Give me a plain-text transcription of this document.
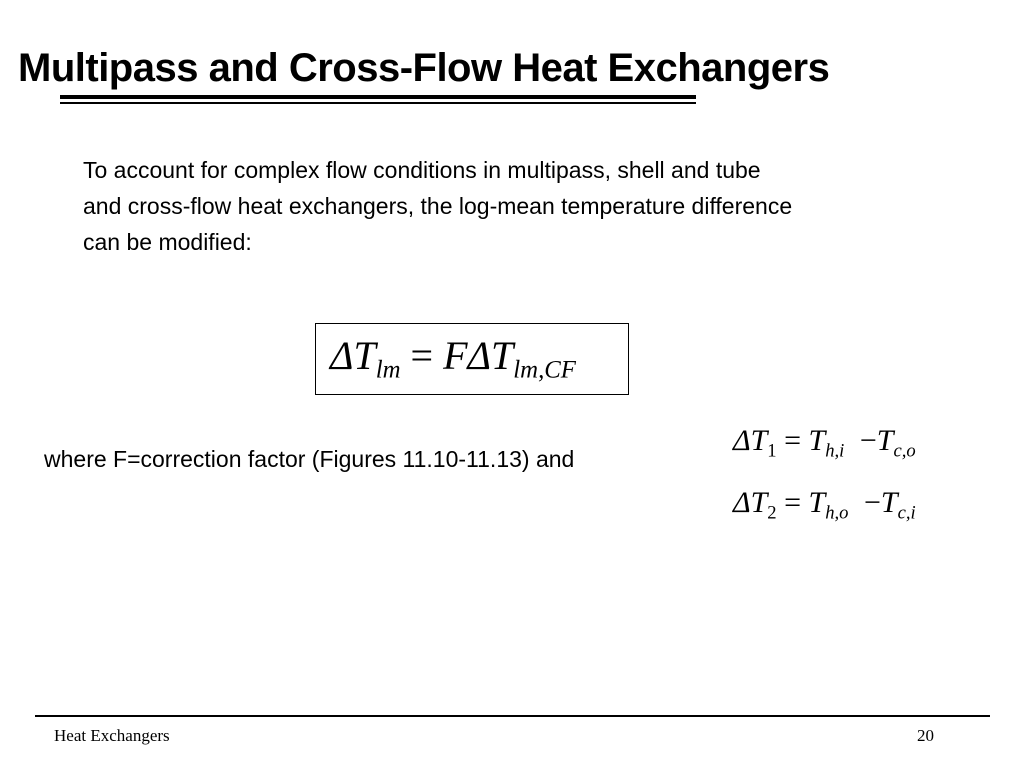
Multipass and Cross-Flow Heat Exchangers

To account for complex flow conditions in multipass, shell and tube
and cross-flow heat exchangers, the log-mean temperature difference
can be modified:

$\Delta T_{lm} = F\Delta T_{lm,CF}$

where F=correction factor (Figures 11.10-11.13) and

$\Delta T_1 = T_{h,i} -T_{c,o}$
$\Delta T_2 = T_{h,o} -T_{c,i}$
Heat Exchangers	20
